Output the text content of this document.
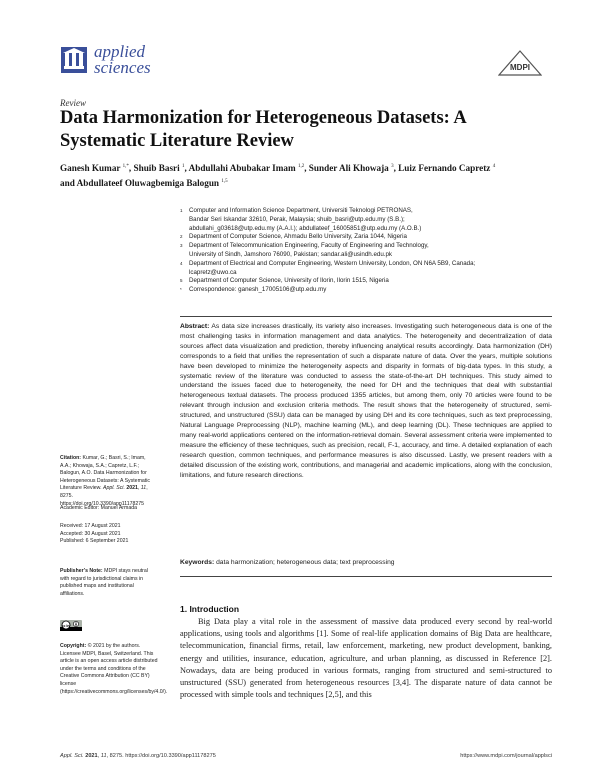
applied
sciences	MDPI
Review
Data Harmonization for Heterogeneous Datasets: A Systematic Literature Review
Ganesh Kumar $^{1,*}$, Shuib Basri $^1$, Abdullahi Abubakar Imam $^{1,2}$, Sunder Ali Khowaja $^3$, Luiz Fernando Capretz $^4$
and Abdullateef Oluwagbemiga Balogun $^{1,5}$
1	Computer and Information Science Department, Universiti Teknologi PETRONAS,
Bandar Seri Iskandar 32610, Perak, Malaysia; shuib_basri@utp.edu.my (S.B.);
abdullahi_g03618@utp.edu.my (A.A.I.); abdullateef_16005851@utp.edu.my (A.O.B.)
2	Department of Computer Science, Ahmadu Bello University, Zaria 1044, Nigeria
3	Department of Telecommunication Engineering, Faculty of Engineering and Technology,
University of Sindh, Jamshoro 76090, Pakistan; sandar.ali@usindh.edu.pk
4	Department of Electrical and Computer Engineering, Western University, London, ON N6A 5B9, Canada;
lcapretz@uwo.ca
5	Department of Computer Science, University of Ilorin, Ilorin 1515, Nigeria
*	Correspondence: ganesh_17005106@utp.edu.my
Abstract: As data size increases drastically, its variety also increases. Investigating such heterogeneous data is one of the most challenging tasks in information management and data analytics. The heterogeneity and decentralization of data sources affect data visualization and prediction, thereby influencing analytical results accordingly. Data harmonization (DH) corresponds to a field that unifies the representation of such a disparate nature of data. Over the years, multiple solutions have been developed to minimize the heterogeneity aspects and disparity in formats of big-data types. In this study, a systematic review of the literature was conducted to assess the state-of-the-art DH techniques. This study aimed to understand the issues faced due to heterogeneity, the need for DH and the techniques that deal with substantial heterogeneous textual datasets. The process produced 1355 articles, but among them, only 70 articles were found to be relevant through inclusion and exclusion criteria methods. The result shows that the heterogeneity of structured, semi-structured, and unstructured (SSU) data can be managed by using DH and its core techniques, such as text preprocessing, Natural Language Preprocessing (NLP), machine learning (ML), and deep learning (DL). These techniques are applied to many real-world applications centered on the information-retrieval domain. Several assessment criteria were implemented to measure the efficiency of these techniques, such as precision, recall, F-1, accuracy, and time. A detailed explanation of each research question, common techniques, and performance measures is also discussed. Lastly, we present readers with a detailed discussion of the existing work, contributions, and managerial and academic implications, along with the conclusion, limitations, and future research directions.
Keywords: data harmonization; heterogeneous data; text preprocessing
Citation: Kumar, G.; Basri, S.; Imam, A.A.; Khowaja, S.A.; Capretz, L.F.; Balogun, A.O. Data Harmonization for Heterogeneous Datasets: A Systematic Literature Review. Appl. Sci. 2021, 11, 8275. https://doi.org/10.3390/app11178275
Academic Editor: Manuel Armada
Received: 17 August 2021
Accepted: 30 August 2021
Published: 6 September 2021
Publisher’s Note: MDPI stays neutral with regard to jurisdictional claims in published maps and institutional affiliations.
cc by
Copyright: © 2021 by the authors. Licensee MDPI, Basel, Switzerland. This article is an open access article distributed under the terms and conditions of the Creative Commons Attribution (CC BY) license (https://creativecommons.org/licenses/by/4.0/).
1. Introduction

Big Data play a vital role in the assessment of massive data produced every second by real-world applications, using tools and algorithms [1]. Some of real-life application domains of Big Data are healthcare, telecommunication, financial firms, retail, law enforcement, marketing, new product development, banking, energy and utilities, insurance, education, agriculture, and urban planning, as discussed in Reference [2]. Nowadays, data are being produced in various formats, ranging from structured and semi-structured to unstructured (SSU) generated from heterogeneous resources [3,4]. The disparate nature of data cannot be processed with simple tools and techniques [2,5], and this

Appl. Sci. 2021, 11, 8275. https://doi.org/10.3390/app11178275	https://www.mdpi.com/journal/applsci
